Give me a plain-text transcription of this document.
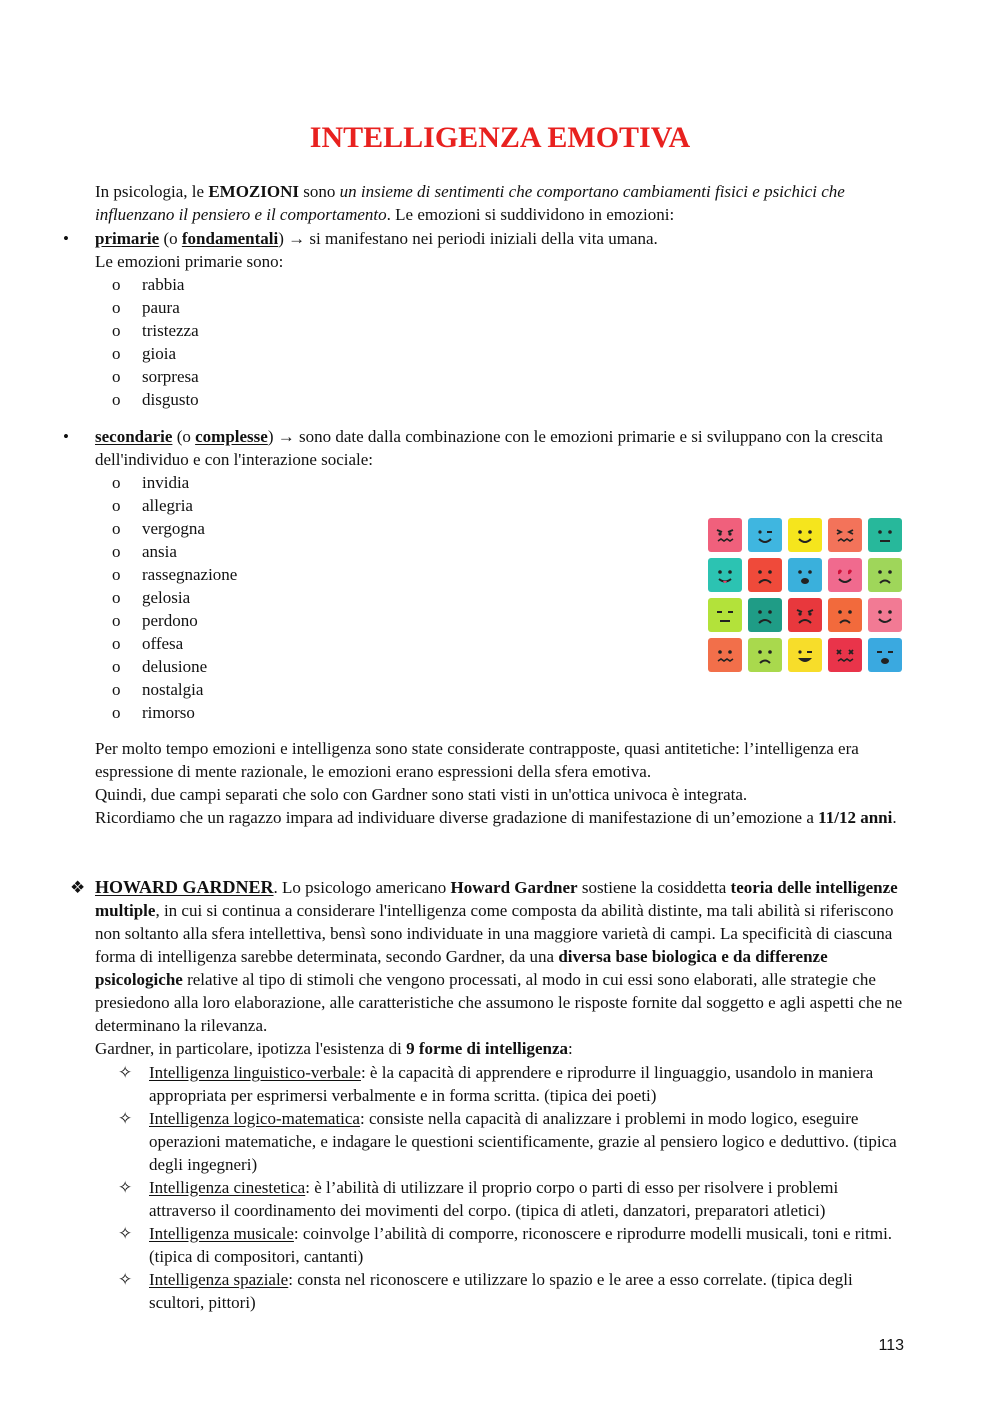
INTELLIGENZA EMOTIVA

In psicologia, le EMOZIONI sono un insieme di sentimenti che comportano cambiamenti fisici e psichici che influenzano il pensiero e il comportamento. Le emozioni si suddividono in emozioni:

• primarie (o fondamentali) → si manifestano nei periodi iniziali della vita umana.

Le emozioni primarie sono:

o rabbia
o paura
o tristezza
o gioia
o sorpresa
o disgusto
• secondarie (o complesse) → sono date dalla combinazione con le emozioni primarie e si sviluppano con la crescita dell'individuo e con l'interazione sociale:

o invidia
o allegria
o vergogna
o ansia
o rassegnazione
o gelosia
o perdono
o offesa
o delusione
o nostalgia
o rimorso

Per molto tempo emozioni e intelligenza sono state considerate contrapposte, quasi antitetiche: l’intelligenza era espressione di mente razionale, le emozioni erano espressioni della sfera emotiva.
Quindi, due campi separati che solo con Gardner sono stati visti in un'ottica univoca è integrata.
Ricordiamo che un ragazzo impara ad individuare diverse gradazione di manifestazione di un’emozione a 11/12 anni.

❖ HOWARD GARDNER. Lo psicologo americano Howard Gardner sostiene la cosiddetta teoria delle intelligenze multiple, in cui si continua a considerare l'intelligenza come composta da abilità distinte, ma tali abilità si riferiscono non soltanto alla sfera intellettiva, bensì sono individuate in una maggiore varietà di campi. La specificità di ciascuna forma di intelligenza sarebbe determinata, secondo Gardner, da una diversa base biologica e da differenze psicologiche relative al tipo di stimoli che vengono processati, al modo in cui essi sono elaborati, alle strategie che presiedono alla loro elaborazione, alle caratteristiche che assumono le risposte fornite dal soggetto e agli aspetti che ne determinano la rilevanza.
Gardner, in particolare, ipotizza l'esistenza di 9 forme di intelligenza:

✧ Intelligenza linguistico-verbale: è la capacità di apprendere e riprodurre il linguaggio, usandolo in maniera appropriata per esprimersi verbalmente e in forma scritta. (tipica dei poeti)
✧ Intelligenza logico-matematica: consiste nella capacità di analizzare i problemi in modo logico, eseguire operazioni matematiche, e indagare le questioni scientificamente, grazie al pensiero logico e deduttivo. (tipica degli ingegneri)
✧ Intelligenza cinestetica: è l’abilità di utilizzare il proprio corpo o parti di esso per risolvere i problemi attraverso il coordinamento dei movimenti del corpo. (tipica di atleti, danzatori, preparatori atletici)
✧ Intelligenza musicale: coinvolge l’abilità di comporre, riconoscere e riprodurre modelli musicali, toni e ritmi. (tipica di compositori, cantanti)
✧ Intelligenza spaziale: consta nel riconoscere e utilizzare lo spazio e le aree a esso correlate. (tipica degli scultori, pittori)
113
